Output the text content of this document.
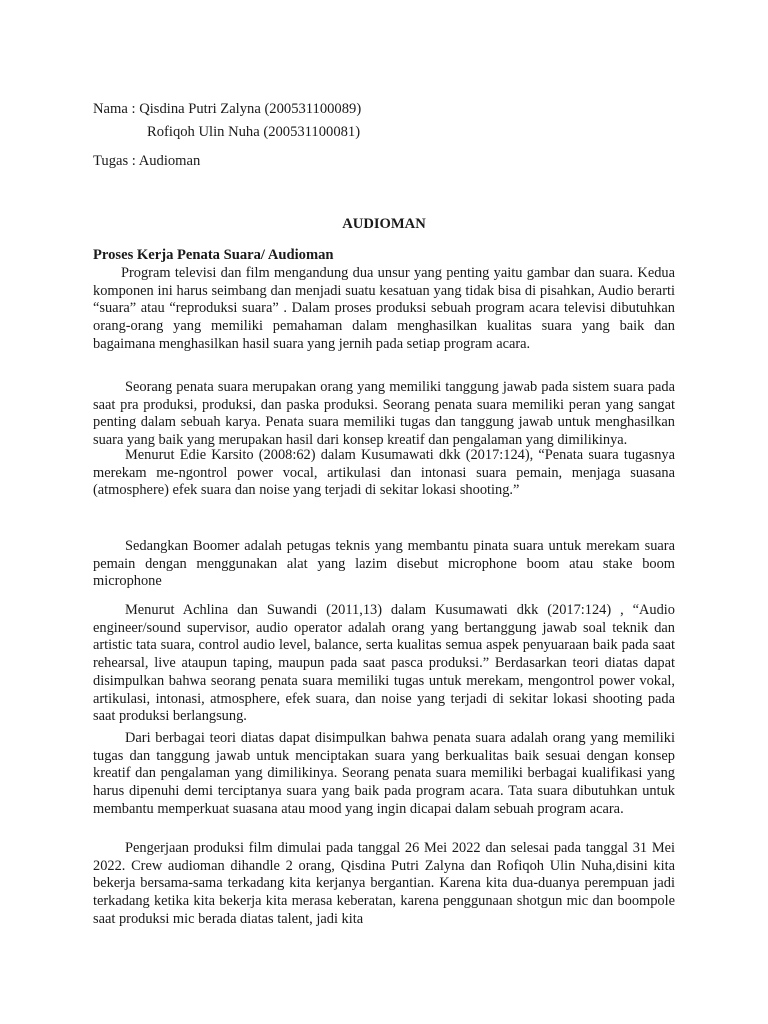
Nama : Qisdina Putri Zalyna (200531100089)
Rofiqoh Ulin Nuha (200531100081)
Tugas : Audioman
AUDIOMAN
Proses Kerja Penata Suara/ Audioman

Program televisi dan film mengandung dua unsur yang penting yaitu gambar dan suara. Kedua komponen ini harus seimbang dan menjadi suatu kesatuan yang tidak bisa di pisahkan, Audio berarti “suara” atau “reproduksi suara” . Dalam proses produksi sebuah program acara televisi dibutuhkan orang-orang yang memiliki pemahaman dalam menghasilkan kualitas suara yang baik dan bagaimana menghasilkan hasil suara yang jernih pada setiap program acara.

Seorang penata suara merupakan orang yang memiliki tanggung jawab pada sistem suara pada saat pra produksi, produksi, dan paska produksi. Seorang penata suara memiliki peran yang sangat penting dalam sebuah karya. Penata suara memiliki tugas dan tanggung jawab untuk menghasilkan suara yang baik yang merupakan hasil dari konsep kreatif dan pengalaman yang dimilikinya.

Menurut Edie Karsito (2008:62) dalam Kusumawati dkk (2017:124), “Penata suara tugasnya merekam me-ngontrol power vocal, artikulasi dan intonasi suara pemain, menjaga suasana (atmosphere) efek suara dan noise yang terjadi di sekitar lokasi shooting.”

Sedangkan Boomer adalah petugas teknis yang membantu pinata suara untuk merekam suara pemain dengan menggunakan alat yang lazim disebut microphone boom atau stake boom microphone

Menurut Achlina dan Suwandi (2011,13) dalam Kusumawati dkk (2017:124) , “Audio engineer/sound supervisor, audio operator adalah orang yang bertanggung jawab soal teknik dan artistic tata suara, control audio level, balance, serta kualitas semua aspek penyuaraan baik pada saat rehearsal, live ataupun taping, maupun pada saat pasca produksi.” Berdasarkan teori diatas dapat disimpulkan bahwa seorang penata suara memiliki tugas untuk merekam, mengontrol power vokal, artikulasi, intonasi, atmosphere, efek suara, dan noise yang terjadi di sekitar lokasi shooting pada saat produksi berlangsung.

Dari berbagai teori diatas dapat disimpulkan bahwa penata suara adalah orang yang memiliki tugas dan tanggung jawab untuk menciptakan suara yang berkualitas baik sesuai dengan konsep kreatif dan pengalaman yang dimilikinya. Seorang penata suara memiliki berbagai kualifikasi yang harus dipenuhi demi terciptanya suara yang baik pada program acara. Tata suara dibutuhkan untuk membantu memperkuat suasana atau mood yang ingin dicapai dalam sebuah program acara.

Pengerjaan produksi film dimulai pada tanggal 26 Mei 2022 dan selesai pada tanggal 31 Mei 2022. Crew audioman dihandle 2 orang, Qisdina Putri Zalyna dan Rofiqoh Ulin Nuha,disini kita bekerja bersama-sama terkadang kita kerjanya bergantian. Karena kita dua-duanya perempuan jadi terkadang ketika kita bekerja kita merasa keberatan, karena penggunaan shotgun mic dan boompole saat produksi mic berada diatas talent, jadi kita
